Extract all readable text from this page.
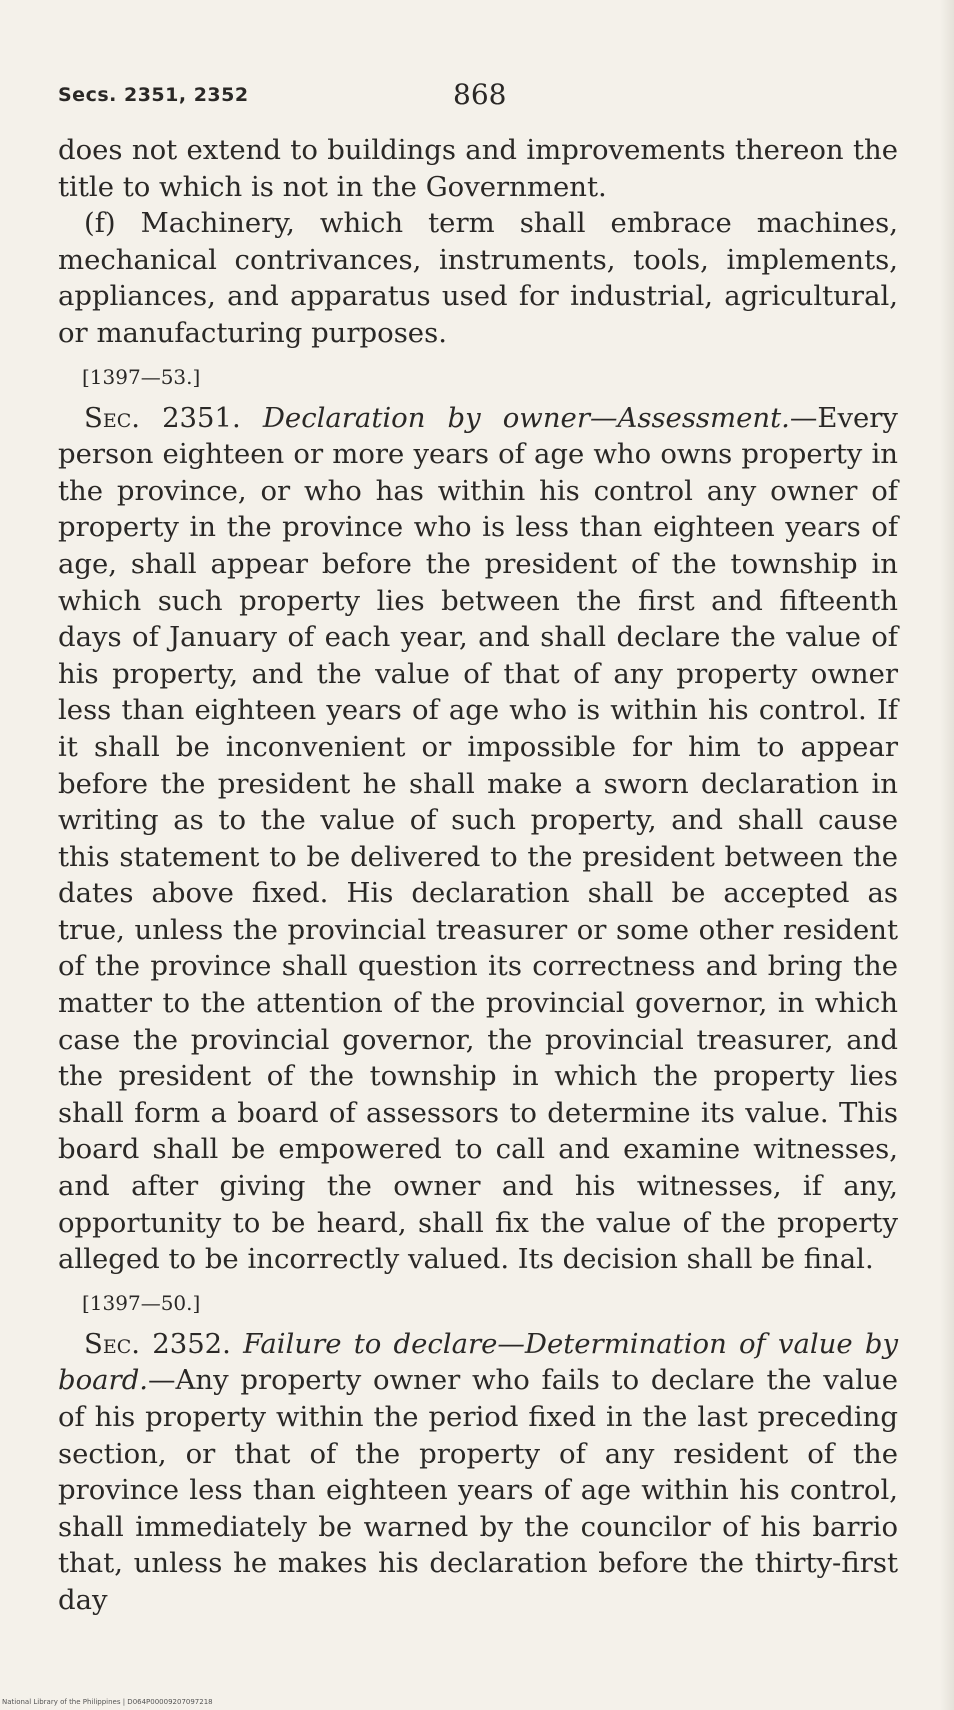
Secs. 2351, 2352	868

does not extend to buildings and improvements thereon the title to which is not in the Government.

(f) Machinery, which term shall embrace machines, mechanical contrivances, instruments, tools, implements, appliances, and apparatus used for industrial, agricultural, or manufacturing purposes.

[1397—53.]

Sec. 2351. Declaration by owner—Assessment.—Every person eighteen or more years of age who owns property in the province, or who has within his control any owner of property in the province who is less than eighteen years of age, shall appear before the president of the township in which such property lies between the first and fifteenth days of January of each year, and shall declare the value of his property, and the value of that of any property owner less than eighteen years of age who is within his control. If it shall be inconvenient or impossible for him to appear before the president he shall make a sworn declaration in writing as to the value of such property, and shall cause this statement to be delivered to the president between the dates above fixed. His declaration shall be accepted as true, unless the provincial treasurer or some other resident of the province shall question its correctness and bring the matter to the attention of the provincial governor, in which case the provincial governor, the provincial treasurer, and the president of the township in which the property lies shall form a board of assessors to determine its value. This board shall be empowered to call and examine witnesses, and after giving the owner and his witnesses, if any, opportunity to be heard, shall fix the value of the property alleged to be incorrectly valued. Its decision shall be final.

[1397—50.]

Sec. 2352. Failure to declare—Determination of value by board.—Any property owner who fails to declare the value of his property within the period fixed in the last preceding section, or that of the property of any resident of the province less than eighteen years of age within his control, shall immediately be warned by the councilor of his barrio that, unless he makes his declaration before the thirty-first day

National Library of the Philippines | D064P00009207097218
